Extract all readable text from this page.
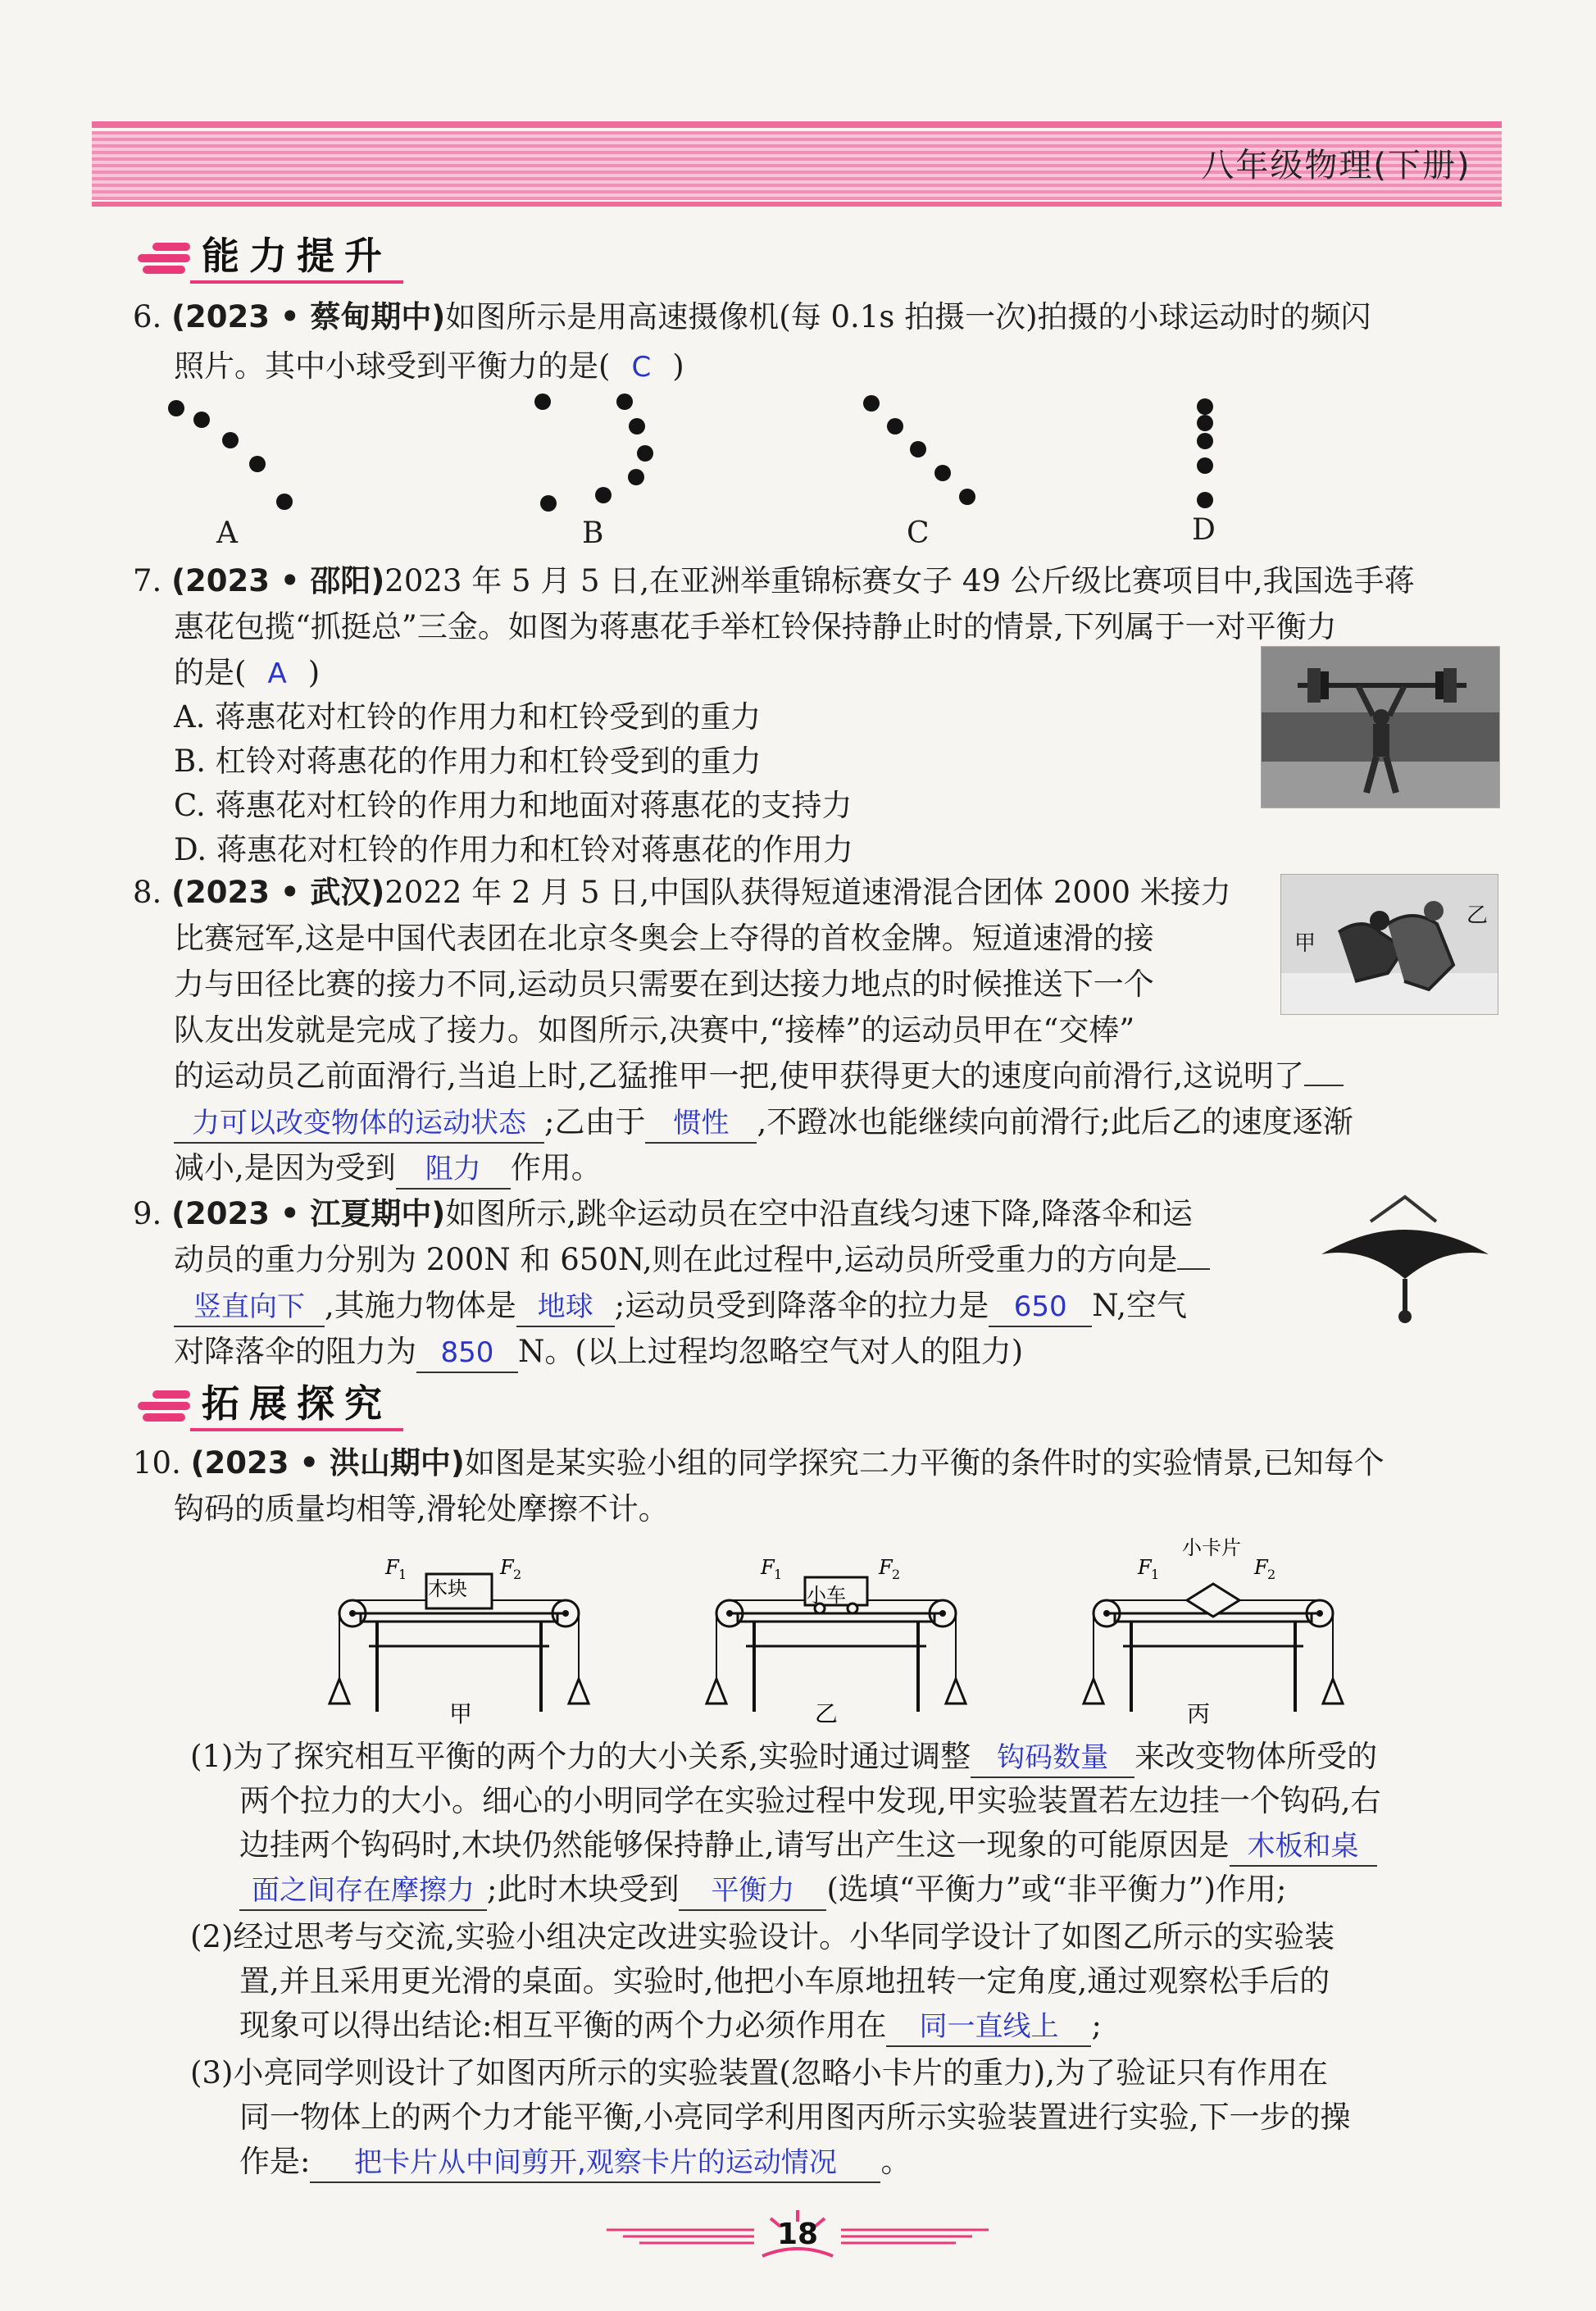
八年级物理(下册)
能力提升
6. (2023 • 蔡甸期中)如图所示是用高速摄像机(每 0.1s 拍摄一次)拍摄的小球运动时的频闪
照片。其中小球受到平衡力的是( C )
A	B	C	D
7. (2023 • 邵阳)2023 年 5 月 5 日,在亚洲举重锦标赛女子 49 公斤级比赛项目中,我国选手蒋
惠花包揽“抓挺总”三金。如图为蒋惠花手举杠铃保持静止时的情景,下列属于一对平衡力
的是( A )
A. 蒋惠花对杠铃的作用力和杠铃受到的重力
B. 杠铃对蒋惠花的作用力和杠铃受到的重力
C. 蒋惠花对杠铃的作用力和地面对蒋惠花的支持力
D. 蒋惠花对杠铃的作用力和杠铃对蒋惠花的作用力
8. (2023 • 武汉)2022 年 2 月 5 日,中国队获得短道速滑混合团体 2000 米接力
比赛冠军,这是中国代表团在北京冬奥会上夺得的首枚金牌。短道速滑的接
力与田径比赛的接力不同,运动员只需要在到达接力地点的时候推送下一个
队友出发就是完成了接力。如图所示,决赛中,“接棒”的运动员甲在“交棒”
的运动员乙前面滑行,当追上时,乙猛推甲一把,使甲获得更大的速度向前滑行,这说明了
力可以改变物体的运动状态 ;乙由于 惯性 ,不蹬冰也能继续向前滑行;此后乙的速度逐渐
减小,是因为受到 阻力 作用。
甲
乙
9. (2023 • 江夏期中)如图所示,跳伞运动员在空中沿直线匀速下降,降落伞和运
动员的重力分别为 200N 和 650N,则在此过程中,运动员所受重力的方向是
竖直向下 ,其施力物体是 地球 ;运动员受到降落伞的拉力是 650 N,空气
对降落伞的阻力为 850 N。(以上过程均忽略空气对人的阻力)
拓展探究
10. (2023 • 洪山期中)如图是某实验小组的同学探究二力平衡的条件时的实验情景,已知每个
钩码的质量均相等,滑轮处摩擦不计。
木块
F 1	F 2
甲
小车
F 1	F 2
乙
小卡片
F 1	F 2
丙
(1)为了探究相互平衡的两个力的大小关系,实验时通过调整 钩码数量 来改变物体所受的
两个拉力的大小。细心的小明同学在实验过程中发现,甲实验装置若左边挂一个钩码,右
边挂两个钩码时,木块仍然能够保持静止,请写出产生这一现象的可能原因是 木板和桌
面之间存在摩擦力 ;此时木块受到 平衡力 (选填“平衡力”或“非平衡力”)作用;
(2)经过思考与交流,实验小组决定改进实验设计。小华同学设计了如图乙所示的实验装
置,并且采用更光滑的桌面。实验时,他把小车原地扭转一定角度,通过观察松手后的
现象可以得出结论:相互平衡的两个力必须作用在 同一直线上 ;
(3)小亮同学则设计了如图丙所示的实验装置(忽略小卡片的重力),为了验证只有作用在
同一物体上的两个力才能平衡,小亮同学利用图丙所示实验装置进行实验,下一步的操
作是: 把卡片从中间剪开,观察卡片的运动情况 。
18
